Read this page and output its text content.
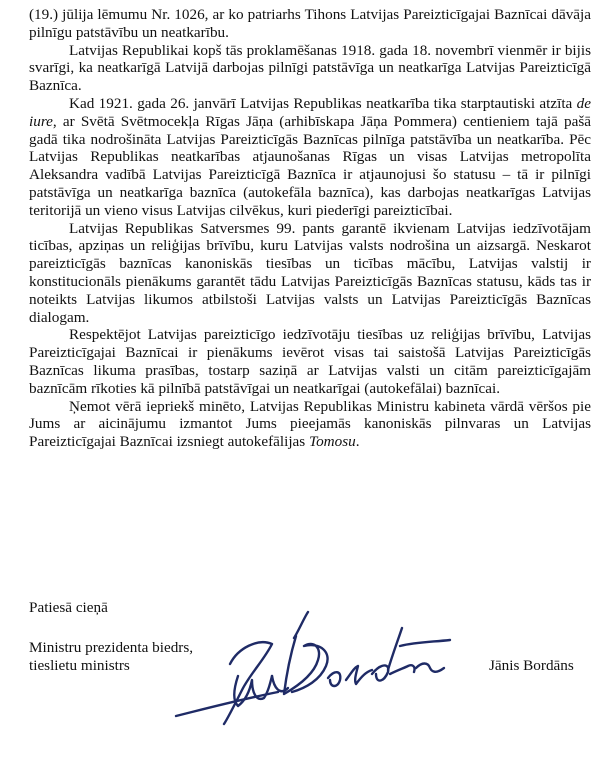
(19.) jūlija lēmumu Nr. 1026, ar ko patriarhs Tihons Latvijas Pareizticīgajai Baznīcai dāvāja pilnīgu patstāvību un neatkarību.

Latvijas Republikai kopš tās proklamēšanas 1918. gada 18. novembrī vienmēr ir bijis svarīgi, ka neatkarīgā Latvijā darbojas pilnīgi patstāvīga un neatkarīga Latvijas Pareizticīgā Baznīca.

Kad 1921. gada 26. janvārī Latvijas Republikas neatkarība tika starptautiski atzīta de iure, ar Svētā Svētmocekļa Rīgas Jāņa (arhibīskapa Jāņa Pommera) centieniem tajā pašā gadā tika nodrošināta Latvijas Pareizticīgās Baznīcas pilnīga patstāvība un neatkarība. Pēc Latvijas Republikas neatkarības atjaunošanas Rīgas un visas Latvijas metropolīta Aleksandra vadībā Latvijas Pareizticīgā Baznīca ir atjaunojusi šo statusu – tā ir pilnīgi patstāvīga un neatkarīga baznīca (autokefāla baznīca), kas darbojas neatkarīgas Latvijas teritorijā un vieno visus Latvijas cilvēkus, kuri piederīgi pareizticībai.

Latvijas Republikas Satversmes 99. pants garantē ikvienam Latvijas iedzīvotājam ticības, apziņas un reliģijas brīvību, kuru Latvijas valsts nodrošina un aizsargā. Neskarot pareizticīgās baznīcas kanoniskās tiesības un ticības mācību, Latvijas valstij ir konstitucionāls pienākums garantēt tādu Latvijas Pareizticīgās Baznīcas statusu, kāds tas ir noteikts Latvijas likumos atbilstoši Latvijas valsts un Latvijas Pareizticīgās Baznīcas dialogam.

Respektējot Latvijas pareizticīgo iedzīvotāju tiesības uz reliģijas brīvību, Latvijas Pareizticīgajai Baznīcai ir pienākums ievērot visas tai saistošā Latvijas Pareizticīgās Baznīcas likuma prasības, tostarp saziņā ar Latvijas valsti un citām pareizticīgajām baznīcām rīkoties kā pilnībā patstāvīgai un neatkarīgai (autokefālai) baznīcai.

Ņemot vērā iepriekš minēto, Latvijas Republikas Ministru kabineta vārdā vēršos pie Jums ar aicinājumu izmantot Jums pieejamās kanoniskās pilnvaras un Latvijas Pareizticīgajai Baznīcai izsniegt autokefālijas Tomosu.

Patiesā cieņā

Ministru prezidenta biedrs,
tieslietu ministrs	Jānis Bordāns
